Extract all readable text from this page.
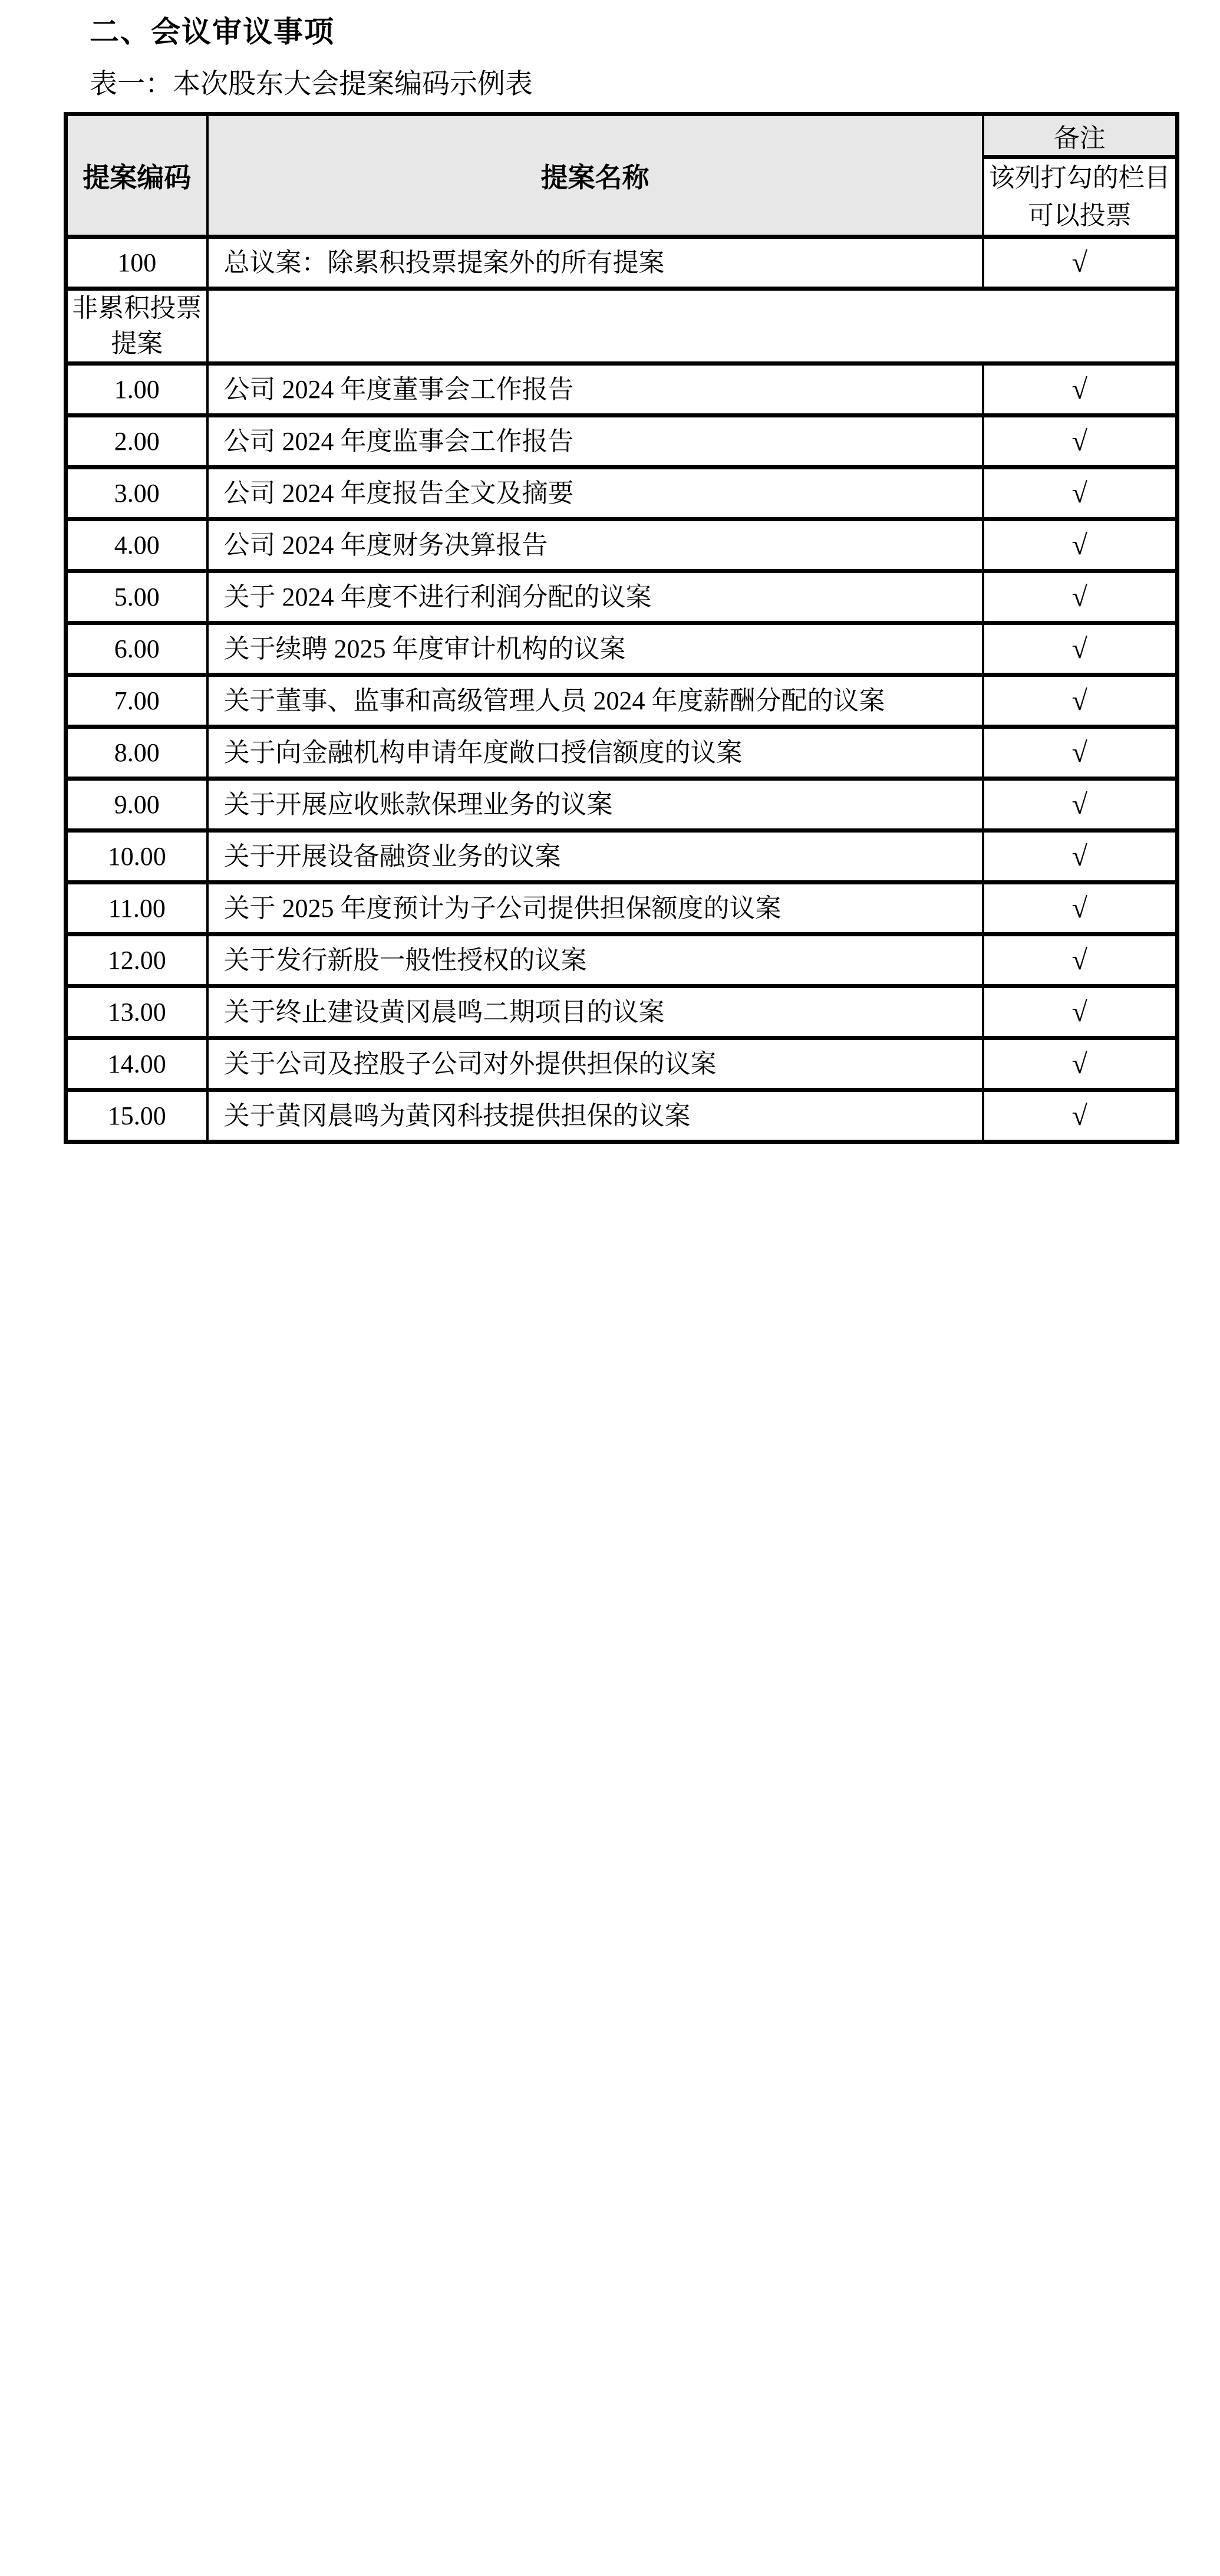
二、会议审议事项

表一：本次股东大会提案编码示例表
提案编码	提案名称	备注
		该列打勾的栏目可以投票
100	总议案：除累积投票提案外的所有提案	√
非累积投票提案		
1.00	公司 2024 年度董事会工作报告	√
2.00	公司 2024 年度监事会工作报告	√
3.00	公司 2024 年度报告全文及摘要	√
4.00	公司 2024 年度财务决算报告	√
5.00	关于 2024 年度不进行利润分配的议案	√
6.00	关于续聘 2025 年度审计机构的议案	√
7.00	关于董事、监事和高级管理人员 2024 年度薪酬分配的议案	√
8.00	关于向金融机构申请年度敞口授信额度的议案	√
9.00	关于开展应收账款保理业务的议案	√
10.00	关于开展设备融资业务的议案	√
11.00	关于 2025 年度预计为子公司提供担保额度的议案	√
12.00	关于发行新股一般性授权的议案	√
13.00	关于终止建设黄冈晨鸣二期项目的议案	√
14.00	关于公司及控股子公司对外提供担保的议案	√
15.00	关于黄冈晨鸣为黄冈科技提供担保的议案	√
